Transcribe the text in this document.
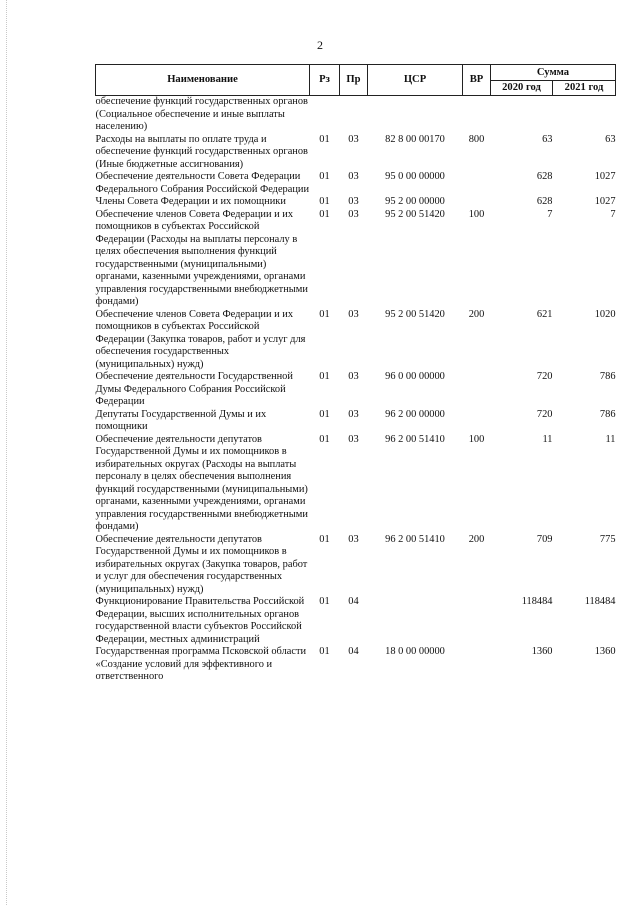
2
Наименование	Рз	Пр	ЦСР	ВР	Сумма	
					2020 год	2021 год
обеспечение функций государственных органов (Социальное обеспечение и иные выплаты населению)						
Расходы на выплаты по оплате труда и обеспечение функций государственных органов (Иные бюджетные ассигнования)	01	03	82 8 00 00170	800	63	63
Обеспечение деятельности Совета Федерации Федерального Собрания Российской Федерации	01	03	95 0 00 00000		628	1027
Члены Совета Федерации и их помощники	01	03	95 2 00 00000		628	1027
Обеспечение членов Совета Федерации и их помощников в субъектах Российской Федерации (Расходы на выплаты персоналу в целях обеспечения выполнения функций государственными (муниципальными) органами, казенными учреждениями, органами управления государственными внебюджетными фондами)	01	03	95 2 00 51420	100	7	7
Обеспечение членов Совета Федерации и их помощников в субъектах Российской Федерации (Закупка товаров, работ и услуг для обеспечения государственных (муниципальных) нужд)	01	03	95 2 00 51420	200	621	1020
Обеспечение деятельности Государственной Думы Федерального Собрания Российской Федерации	01	03	96 0 00 00000		720	786
Депутаты Государственной Думы и их помощники	01	03	96 2 00 00000		720	786
Обеспечение деятельности депутатов Государственной Думы и их помощников в избирательных округах (Расходы на выплаты персоналу в целях обеспечения выполнения функций государственными (муниципальными) органами, казенными учреждениями, органами управления государственными внебюджетными фондами)	01	03	96 2 00 51410	100	11	11
Обеспечение деятельности депутатов Государственной Думы и их помощников в избирательных округах (Закупка товаров, работ и услуг для обеспечения государственных (муниципальных) нужд)	01	03	96 2 00 51410	200	709	775
Функционирование Правительства Российской Федерации, высших исполнительных органов государственной власти субъектов Российской Федерации, местных администраций	01	04			118484	118484
Государственная программа Псковской области «Создание условий для эффективного и ответственного	01	04	18 0 00 00000		1360	1360
